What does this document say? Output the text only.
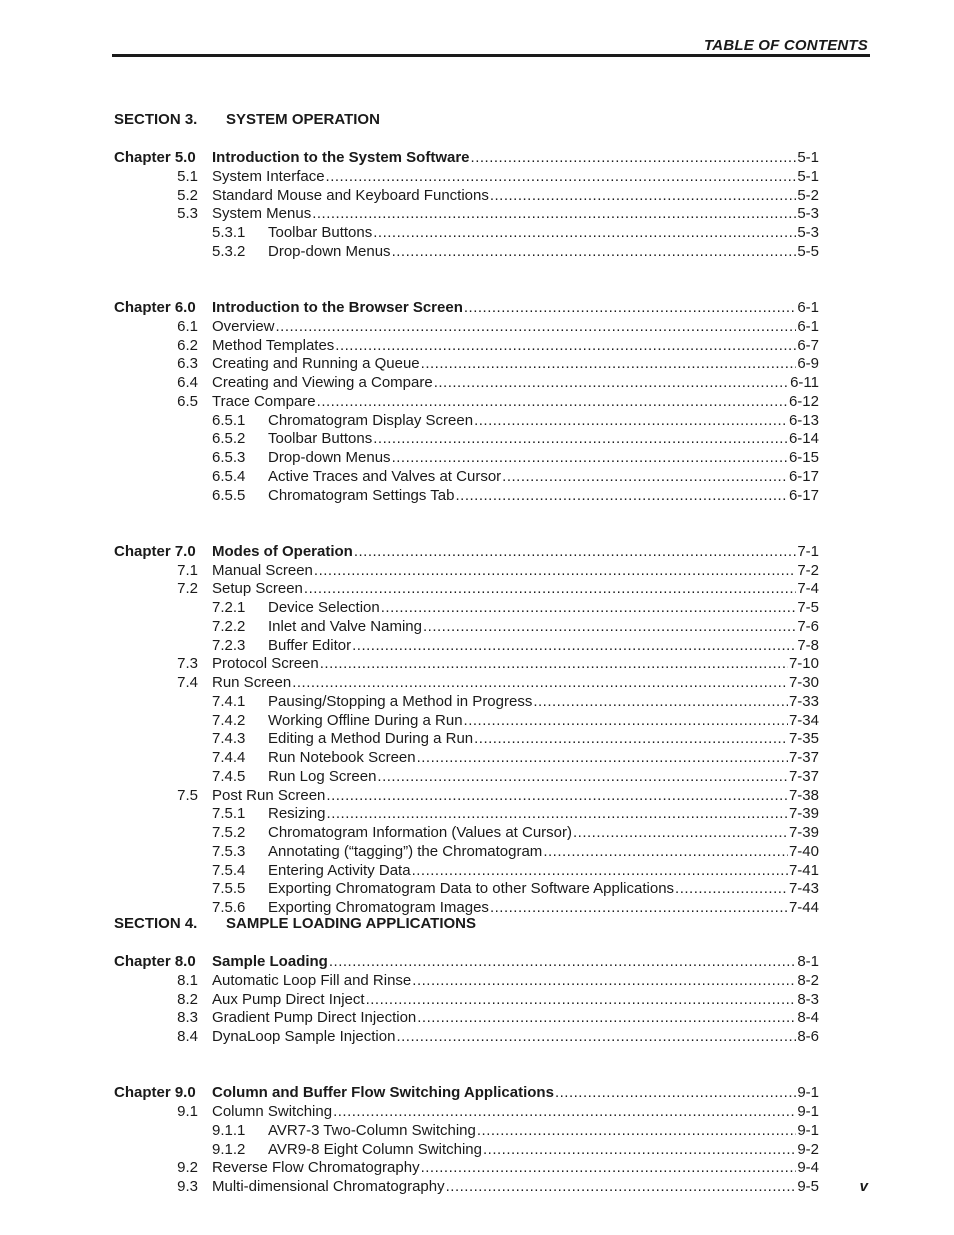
TABLE OF CONTENTS
SECTION 3. SYSTEM OPERATION
Chapter 5.0 Introduction to the System Software .....	5-1
5.1 System Interface .....	5-1
5.2 Standard Mouse and Keyboard Functions .....	5-2
5.3 System Menus .....	5-3
5.3.1 Toolbar Buttons .....	5-3
5.3.2 Drop-down Menus .....	5-5
Chapter 6.0 Introduction to the Browser Screen .....	6-1
6.1 Overview .....	6-1
6.2 Method Templates .....	6-7
6.3 Creating and Running a Queue .....	6-9
6.4 Creating and Viewing a Compare .....	6-11
6.5 Trace Compare .....	6-12
6.5.1 Chromatogram Display Screen .....	6-13
6.5.2 Toolbar Buttons .....	6-14
6.5.3 Drop-down Menus .....	6-15
6.5.4 Active Traces and Valves at Cursor .....	6-17
6.5.5 Chromatogram Settings Tab .....	6-17
Chapter 7.0 Modes of Operation .....	7-1
7.1 Manual Screen .....	7-2
7.2 Setup Screen .....	7-4
7.2.1 Device Selection .....	7-5
7.2.2 Inlet and Valve Naming .....	7-6
7.2.3 Buffer Editor .....	7-8
7.3 Protocol Screen .....	7-10
7.4 Run Screen .....	7-30
7.4.1 Pausing/Stopping a Method in Progress .....	7-33
7.4.2 Working Offline During a Run .....	7-34
7.4.3 Editing a Method During a Run .....	7-35
7.4.4 Run Notebook Screen .....	7-37
7.4.5 Run Log Screen .....	7-37
7.5 Post Run Screen .....	7-38
7.5.1 Resizing .....	7-39
7.5.2 Chromatogram Information (Values at Cursor) .....	7-39
7.5.3 Annotating (“tagging”) the Chromatogram .....	7-40
7.5.4 Entering Activity Data .....	7-41
7.5.5 Exporting Chromatogram Data to other Software Applications .....	7-43
7.5.6 Exporting Chromatogram Images .....	7-44
SECTION 4. SAMPLE LOADING APPLICATIONS
Chapter 8.0 Sample Loading .....	8-1
8.1 Automatic Loop Fill and Rinse .....	8-2
8.2 Aux Pump Direct Inject .....	8-3
8.3 Gradient Pump Direct Injection .....	8-4
8.4 DynaLoop Sample Injection .....	8-6
Chapter 9.0 Column and Buffer Flow Switching Applications .....	9-1
9.1 Column Switching .....	9-1
9.1.1 AVR7-3 Two-Column Switching .....	9-1
9.1.2 AVR9-8 Eight Column Switching .....	9-2
9.2 Reverse Flow Chromatography .....	9-4
9.3 Multi-dimensional Chromatography .....	9-5	v
